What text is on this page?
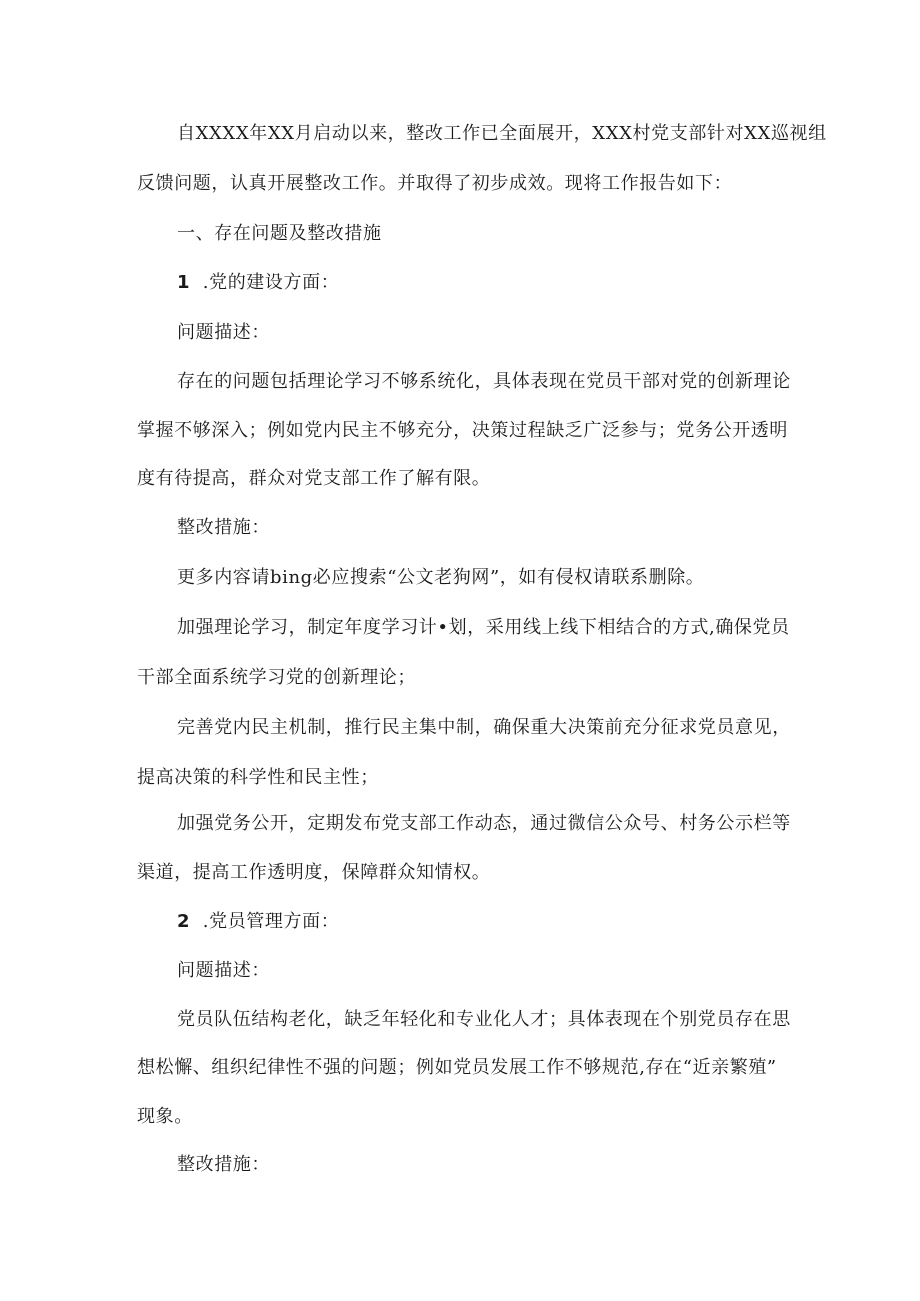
自XXXX年XX月启动以来，整改工作已全面展开，XXX村党支部针对XX巡视组
反馈问题，认真开展整改工作。并取得了初步成效。现将工作报告如下：
一、存在问题及整改措施
1 .党的建设方面：
问题描述：
存在的问题包括理论学习不够系统化，具体表现在党员干部对党的创新理论
掌握不够深入；例如党内民主不够充分，决策过程缺乏广泛参与；党务公开透明
度有待提高，群众对党支部工作了解有限。
整改措施：
更多内容请bing必应搜索“公文老狗网”，如有侵权请联系删除。
加强理论学习，制定年度学习计•划，采用线上线下相结合的方式,确保党员
干部全面系统学习党的创新理论；
完善党内民主机制，推行民主集中制，确保重大决策前充分征求党员意见，
提高决策的科学性和民主性；
加强党务公开，定期发布党支部工作动态，通过微信公众号、村务公示栏等
渠道，提高工作透明度，保障群众知情权。
2 .党员管理方面：
问题描述：
党员队伍结构老化，缺乏年轻化和专业化人才；具体表现在个别党员存在思
想松懈、组织纪律性不强的问题；例如党员发展工作不够规范,存在“近亲繁殖”
现象。
整改措施：
